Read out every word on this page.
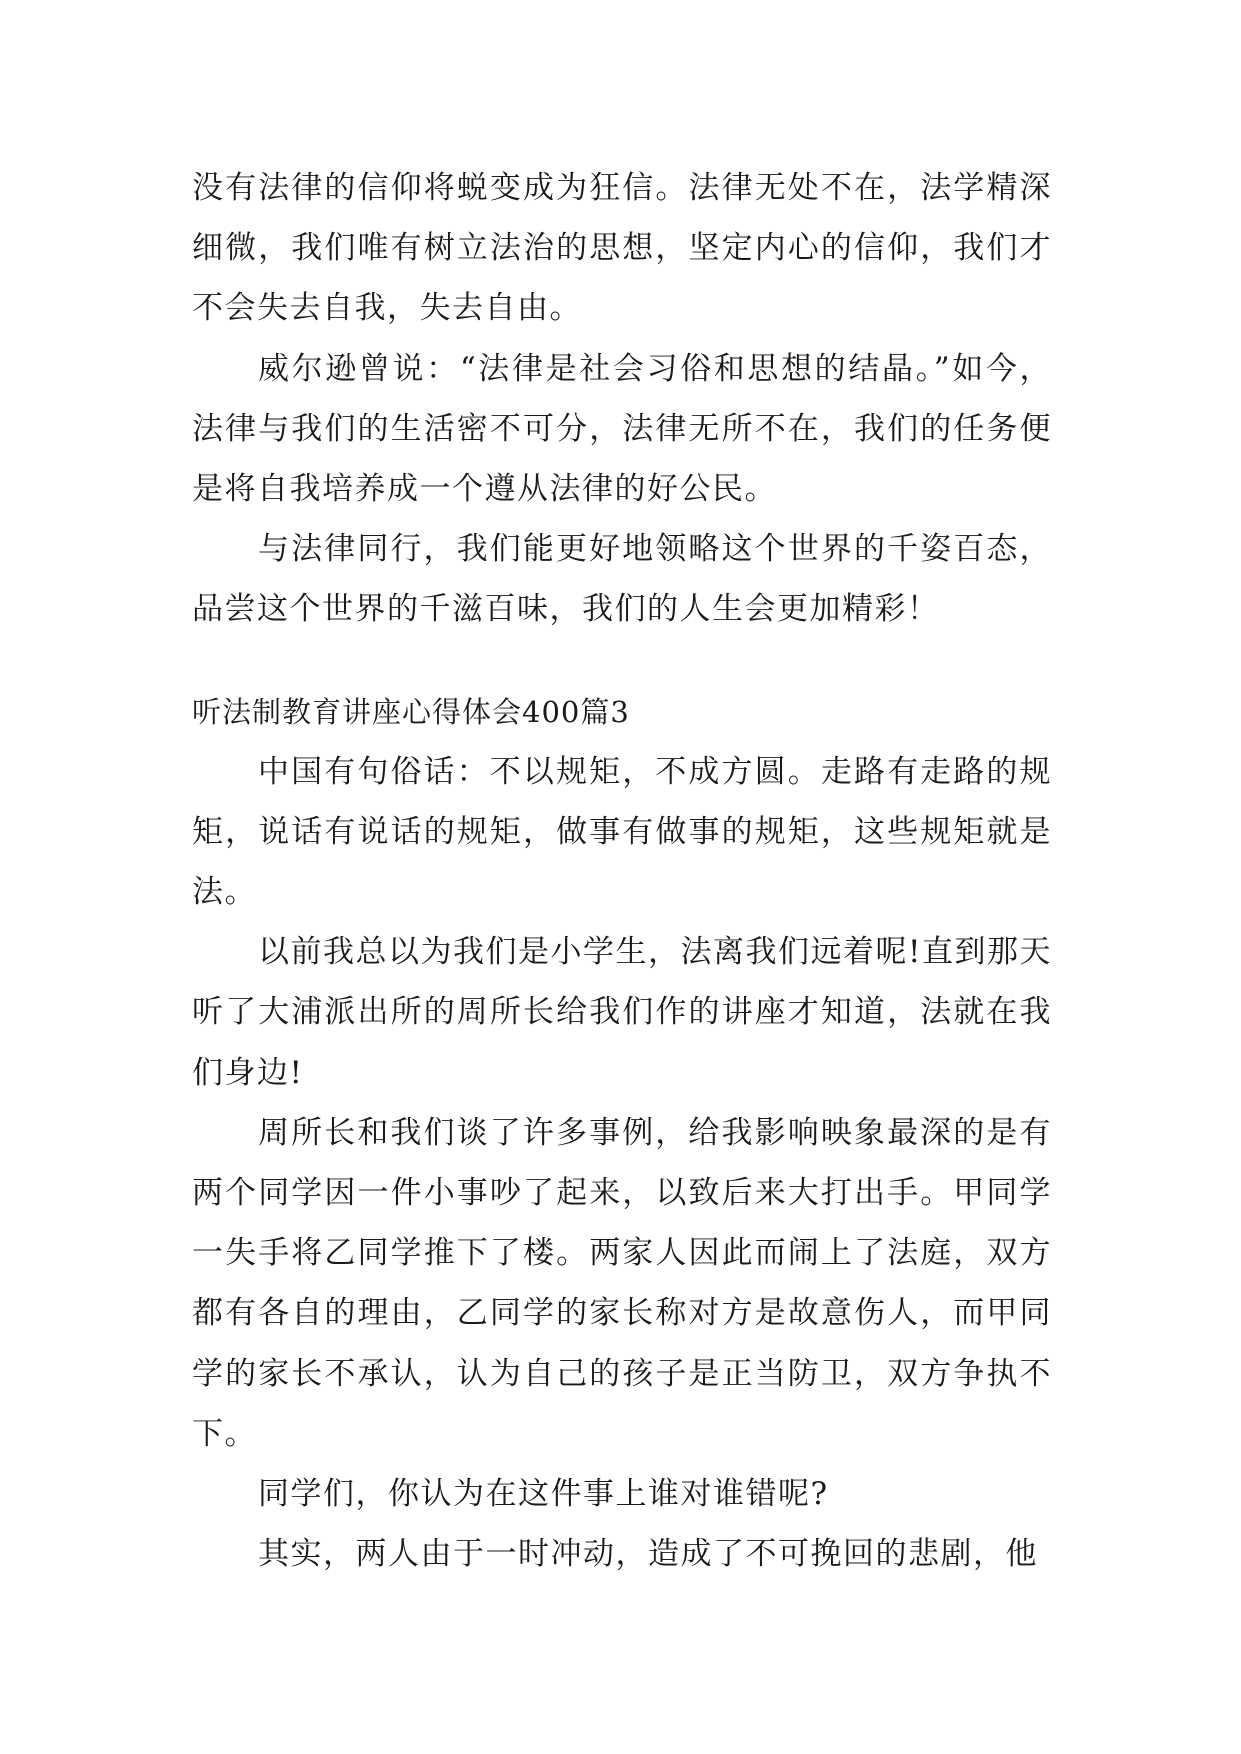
没有法律的信仰将蜕变成为狂信。法律无处不在，法学精深细微，我们唯有树立法治的思想，坚定内心的信仰，我们才不会失去自我，失去自由。

威尔逊曾说：“法律是社会习俗和思想的结晶。”如今，法律与我们的生活密不可分，法律无所不在，我们的任务便是将自我培养成一个遵从法律的好公民。

与法律同行，我们能更好地领略这个世界的千姿百态，品尝这个世界的千滋百味，我们的人生会更加精彩！

听法制教育讲座心得体会400篇3

中国有句俗话：不以规矩，不成方圆。走路有走路的规矩，说话有说话的规矩，做事有做事的规矩，这些规矩就是法。

以前我总以为我们是小学生，法离我们远着呢!直到那天听了大浦派出所的周所长给我们作的讲座才知道，法就在我们身边!

周所长和我们谈了许多事例，给我影响映象最深的是有两个同学因一件小事吵了起来，以致后来大打出手。甲同学一失手将乙同学推下了楼。两家人因此而闹上了法庭，双方都有各自的理由，乙同学的家长称对方是故意伤人，而甲同学的家长不承认，认为自己的孩子是正当防卫，双方争执不下。

同学们，你认为在这件事上谁对谁错呢?

其实，两人由于一时冲动，造成了不可挽回的悲剧，他
